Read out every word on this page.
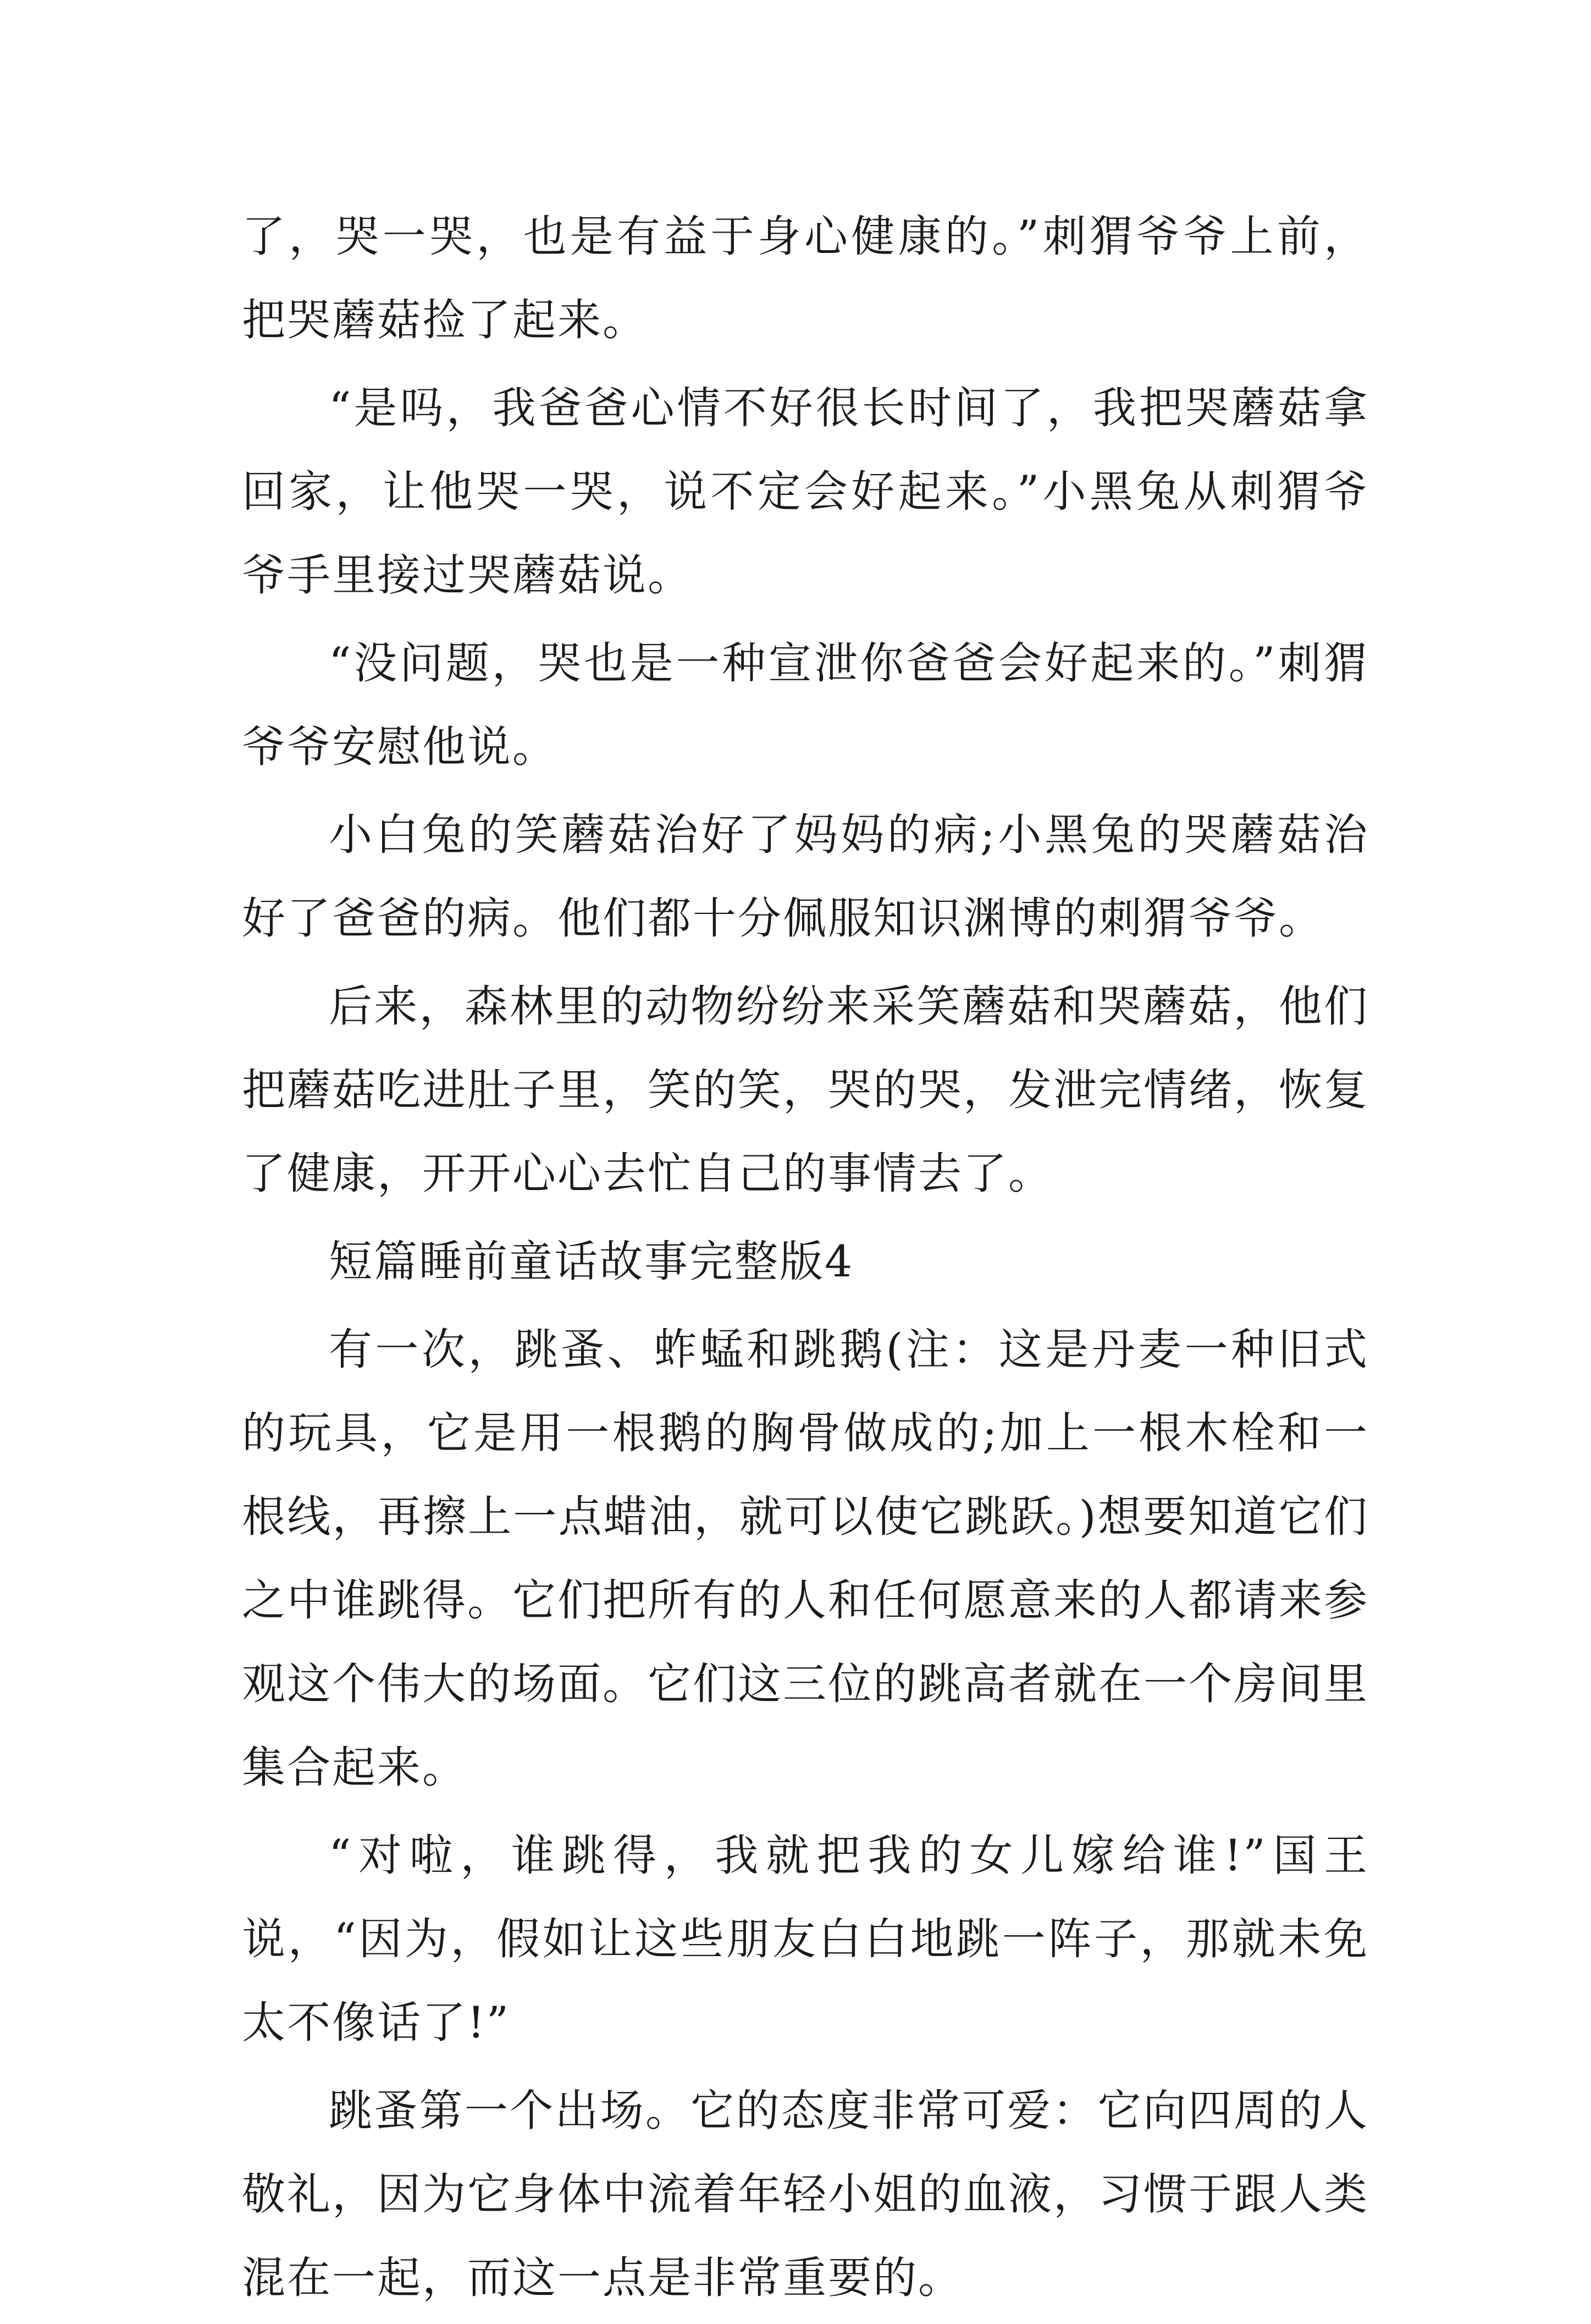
了，哭一哭，也是有益于身心健康的。”刺猬爷爷上前，把哭蘑菇捡了起来。

“是吗，我爸爸心情不好很长时间了，我把哭蘑菇拿回家，让他哭一哭，说不定会好起来。”小黑兔从刺猬爷爷手里接过哭蘑菇说。

“没问题，哭也是一种宣泄你爸爸会好起来的。”刺猬爷爷安慰他说。

小白兔的笑蘑菇治好了妈妈的病;小黑兔的哭蘑菇治好了爸爸的病。他们都十分佩服知识渊博的刺猬爷爷。

后来，森林里的动物纷纷来采笑蘑菇和哭蘑菇，他们把蘑菇吃进肚子里，笑的笑，哭的哭，发泄完情绪，恢复了健康，开开心心去忙自己的事情去了。

短篇睡前童话故事完整版4

有一次，跳蚤、蚱蜢和跳鹅(注：这是丹麦一种旧式的玩具，它是用一根鹅的胸骨做成的;加上一根木栓和一根线，再擦上一点蜡油，就可以使它跳跃。)想要知道它们之中谁跳得。它们把所有的人和任何愿意来的人都请来参观这个伟大的场面。它们这三位的跳高者就在一个房间里集合起来。

“对啦，谁跳得，我就把我的女儿嫁给谁!”国王说，“因为，假如让这些朋友白白地跳一阵子，那就未免太不像话了!”

跳蚤第一个出场。它的态度非常可爱：它向四周的人敬礼，因为它身体中流着年轻小姐的血液，习惯于跟人类混在一起，而这一点是非常重要的。
